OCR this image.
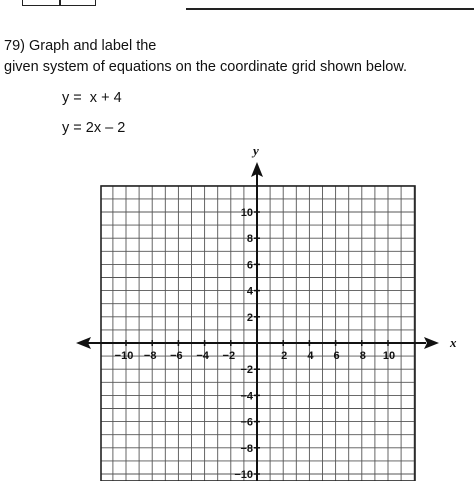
79) Graph and label the
given system of equations on the coordinate grid shown below.
y =  x + 4
y = 2x – 2
−10 −8 −6 −4 −2	2 4 6 8 10
10
8
6
4
2
−2
−4
−6
−8
−10
x
y
